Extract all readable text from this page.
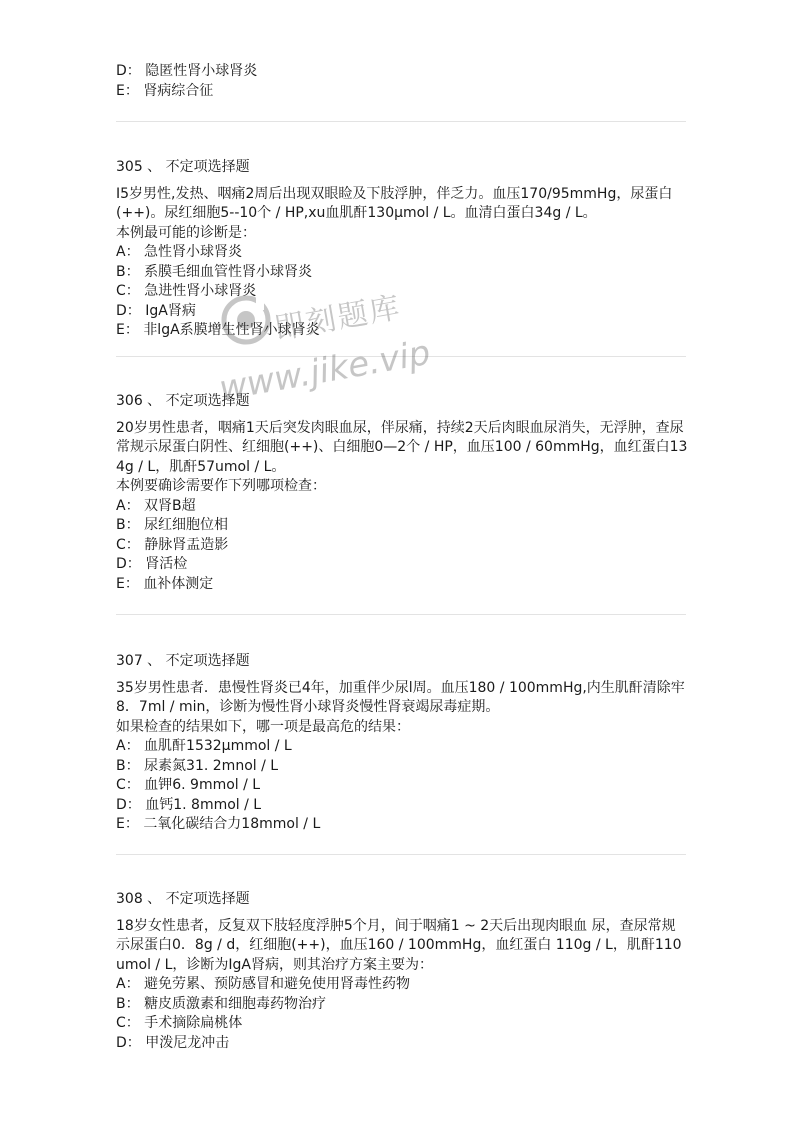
D： 隐匿性肾小球肾炎
E： 肾病综合征
305 、 不定项选择题
I5岁男性,发热、咽痛2周后出现双眼睑及下肢浮肿，伴乏力。血压170/95mmHg，尿蛋白(++)。尿红细胞5--10个 / HP,xu血肌酐130μmol / L。血清白蛋白34g / L。
本例最可能的诊断是：
A： 急性肾小球肾炎
B： 系膜毛细血管性肾小球肾炎
C： 急进性肾小球肾炎
D： IgA肾病
E： 非lgA系膜增生性肾小球肾炎
306 、 不定项选择题
20岁男性患者，咽痛1天后突发肉眼血尿，伴尿痛，持续2天后肉眼血尿消失，无浮肿，查尿常规示尿蛋白阴性、红细胞(++)、白细胞0—2个 / HP，血压100 / 60mmHg，血红蛋白134g / L，肌酐57umol / L。
本例要确诊需要作下列哪项检查：
A： 双肾B超
B： 尿红细胞位相
C： 静脉肾盂造影
D： 肾活检
E： 血补体测定
307 、 不定项选择题
35岁男性患者．患慢性肾炎已4年，加重伴少尿l周。血压180 / 100mmHg,内生肌酐清除牢8．7ml / min，诊断为慢性肾小球肾炎慢性肾衰竭尿毒症期。
如果检查的结果如下，哪一项是最高危的结果：
A： 血肌酐1532μmmol / L
B： 尿素氮31. 2mnol / L
C： 血钾6. 9mmol / L
D： 血钙1. 8mmol / L
E： 二氧化碳结合力18mmol / L
308 、 不定项选择题
18岁女性患者，反复双下肢轻度浮肿5个月，间于咽痛1 ~ 2天后出现肉眼血 尿，查尿常规示尿蛋白0．8g / d，红细胞(++)，血压160 / 100mmHg，血红蛋白 110g / L，肌酐110umol / L，诊断为IgA肾病，则其治疗方案主要为：
A： 避免劳累、预防感冒和避免使用肾毒性药物
B： 糖皮质激素和细胞毒药物治疗
C： 手术摘除扁桃体
D： 甲泼尼龙冲击
即刻题库
www.jike.vip
